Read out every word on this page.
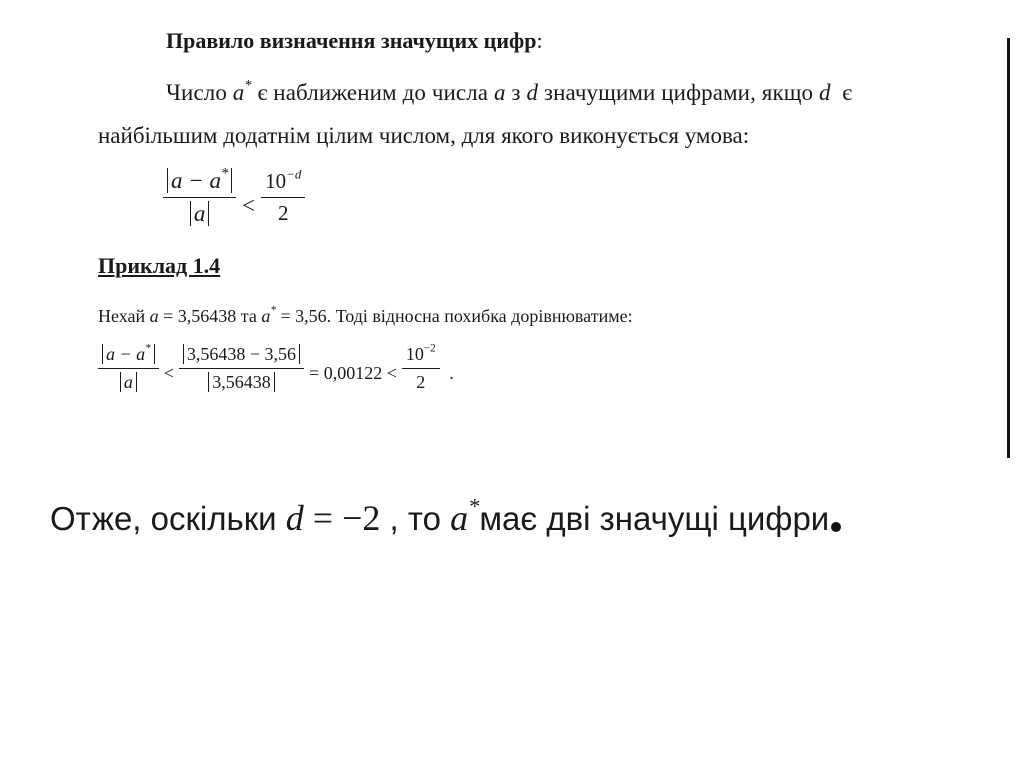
Правило визначення значущих цифр:
Число a* є наближеним до числа a з d значущими цифрами, якщо d  є
найбільшим додатнім цілим числом, для якого виконується умова:
$\frac{a - a^*}{a} < \frac{10^{-d}}{2}$
Приклад 1.4
Нехай a = 3,56438 та a* = 3,56. Тоді відносна похибка дорівнюватиме:
$\frac{a - a^*}{a} < \frac{3,56438 - 3,56}{3,56438} = 0,00122 < \frac{10^{-2}}{2}$ .
Отже, оскільки d = −2 , то a*має дві значущі цифри
